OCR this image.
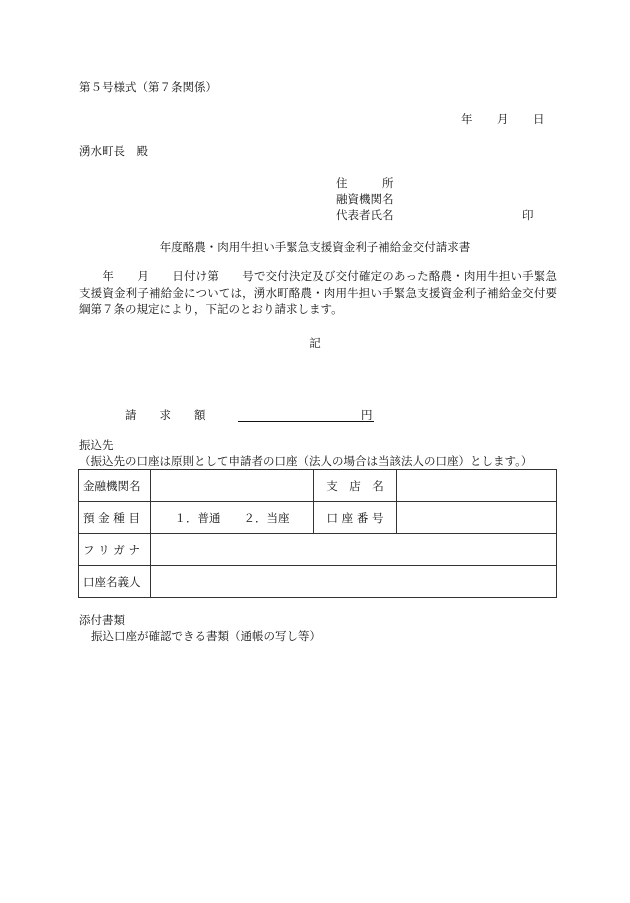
第５号様式（第７条関係）
年 月 日
湧水町長　殿
住　　　所
融資機関名
代表者氏名	印
年度酪農・肉用牛担い手緊急支援資金利子補給金交付請求書
　　年　　月　　日付け第　　号で交付決定及び交付確定のあった酪農・肉用牛担い手緊急支援資金利子補給金については，湧水町酪農・肉用牛担い手緊急支援資金利子補給金交付要綱第７条の規定により，下記のとおり請求します。
記
請　　求　　額	円
振込先
（振込先の口座は原則として申請者の口座（法人の場合は当該法人の口座）とします。）
金融機関名		支　店　名	
預 金 種 目	１．普通　　２．当座	口 座 番 号	
フ リ ガ ナ			
口座名義人			
添付書類
振込口座が確認できる書類（通帳の写し等）
